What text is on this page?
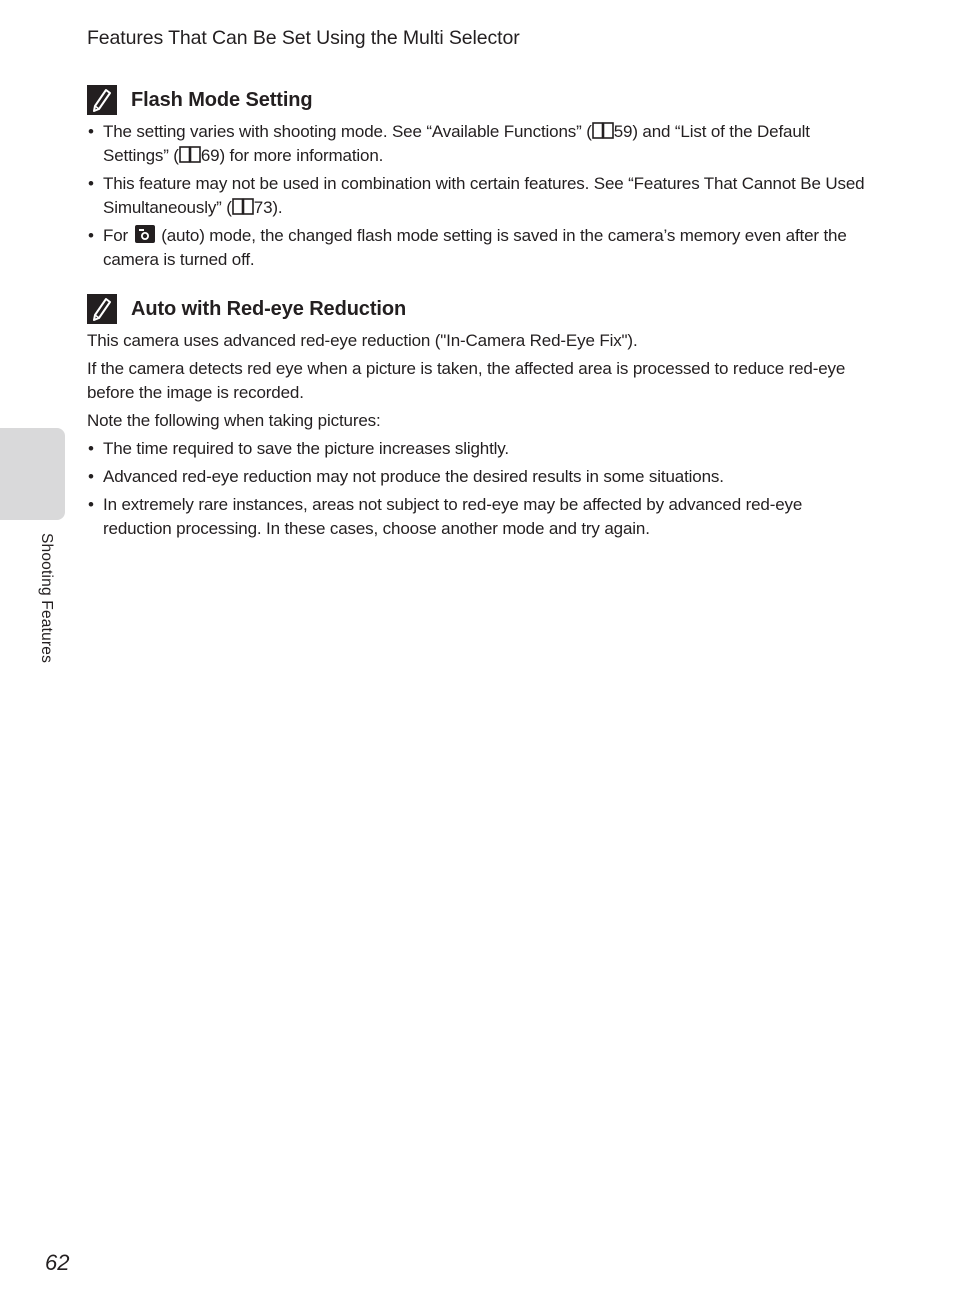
Features That Can Be Set Using the Multi Selector
Flash Mode Setting
• The setting varies with shooting mode. See “Available Functions” ( 59) and “List of the Default Settings” ( 69) for more information.
• This feature may not be used in combination with certain features. See “Features That Cannot Be Used Simultaneously” ( 73).
• For (auto) mode, the changed flash mode setting is saved in the camera’s memory even after the camera is turned off.
Auto with Red-eye Reduction

This camera uses advanced red-eye reduction ("In-Camera Red-Eye Fix").

If the camera detects red eye when a picture is taken, the affected area is processed to reduce red-eye before the image is recorded.

Note the following when taking pictures:

• The time required to save the picture increases slightly.
• Advanced red-eye reduction may not produce the desired results in some situations.
• In extremely rare instances, areas not subject to red-eye may be affected by advanced red-eye reduction processing. In these cases, choose another mode and try again.
Shooting Features
62
